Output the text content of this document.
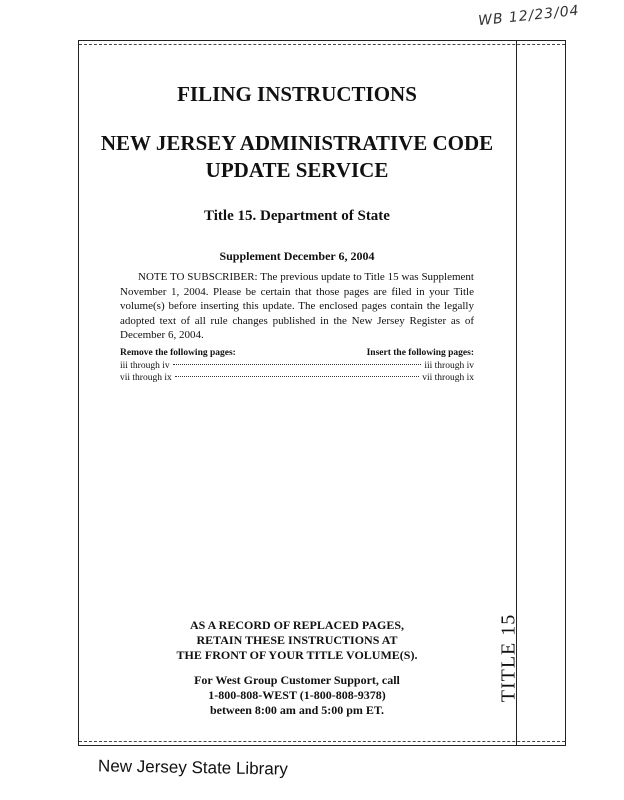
WB 12/23/04
TITLE 15
FILING INSTRUCTIONS
NEW JERSEY ADMINISTRATIVE CODE
UPDATE SERVICE
Title 15. Department of State
Supplement December 6, 2004
NOTE TO SUBSCRIBER: The previous update to Title 15 was Supplement November 1, 2004. Please be certain that those pages are filed in your Title volume(s) before inserting this update. The enclosed pages contain the legally adopted text of all rule changes published in the New Jersey Register as of December 6, 2004.
Remove the following pages:	Insert the following pages:
iii through iv	iii through iv
vii through ix	vii through ix
AS A RECORD OF REPLACED PAGES,
RETAIN THESE INSTRUCTIONS AT
THE FRONT OF YOUR TITLE VOLUME(S).
For West Group Customer Support, call
1-800-808-WEST (1-800-808-9378)
between 8:00 am and 5:00 pm ET.
New Jersey State Library
